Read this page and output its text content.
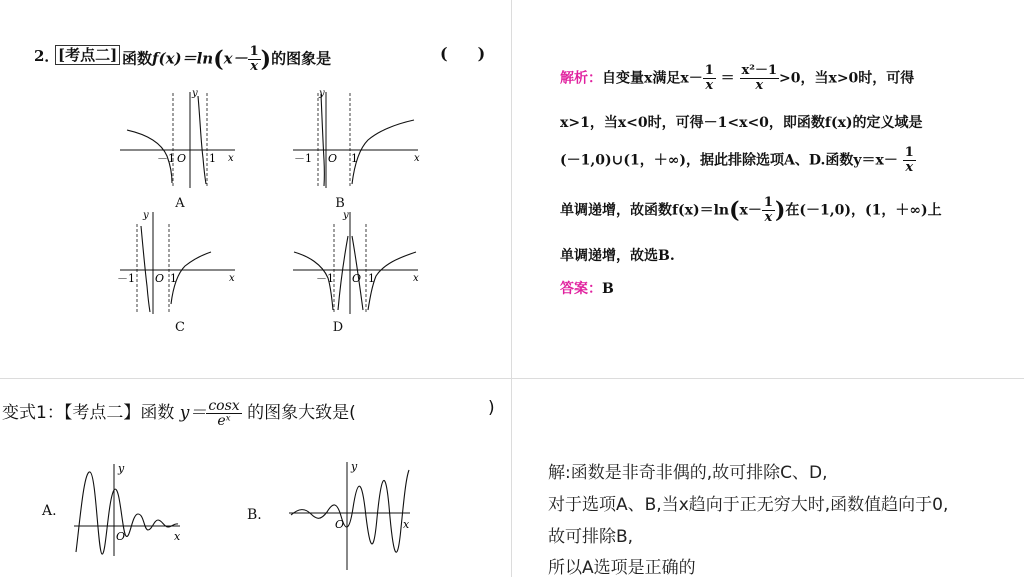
2．
[考点二] 函数$f(x)=\ln(x- \frac{1}{x}$ )的图象是	()
y
x
－1 O 1
A
y
x
－1 O 1
B
y
x
－1 O 1
C
y
x
－1 O 1
D
解析：自变量x满足$x- \frac{1}{x} = \frac{\text{x²－1}}{x} >0$，当x>0时，可得
x>1，当x<0时，可得－1<x<0，即函数f(x)的定义域是
(－1,0)∪(1，＋∞)，据此排除选项A、D.函数$y=x- \frac{1}{x}$
单调递增，故函数$f(x)=\ln(x- \frac{1}{x}$ )在(－1,0)，(1，＋∞)上
单调递增，故选B.
答案：B
变式1：【考点二】函数 $y= \frac{\cos x}{\text{eˣ}}$ 的图象大致是(	)
A.
y
O	x
B.
y
O	x
解:函数是非奇非偶的,故可排除C、D,
对于选项A、B,当x趋向于正无穷大时,函数值趋向于0,
故可排除B,
所以A选项是正确的
